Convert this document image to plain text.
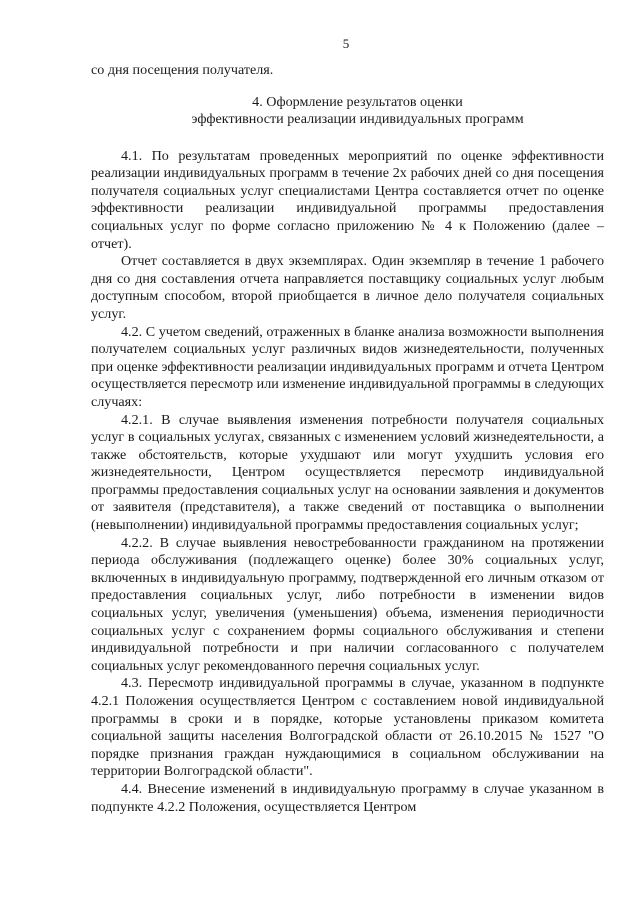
5

со дня посещения получателя.

4. Оформление результатов оценки
эффективности реализации индивидуальных программ

4.1. По результатам проведенных мероприятий по оценке эффективности реализации индивидуальных программ в течение 2х рабочих дней со дня посещения получателя социальных услуг специалистами Центра составляется отчет по оценке эффективности реализации индивидуальной программы предоставления социальных услуг по форме согласно приложению № 4 к Положению (далее – отчет).

Отчет составляется в двух экземплярах. Один экземпляр в течение 1 рабочего дня со дня составления отчета направляется поставщику социальных услуг любым доступным способом, второй приобщается в личное дело получателя социальных услуг.

4.2. С учетом сведений, отраженных в бланке анализа возможности выполнения получателем социальных услуг различных видов жизнедеятельности, полученных при оценке эффективности реализации индивидуальных программ и отчета Центром осуществляется пересмотр или изменение индивидуальной программы в следующих случаях:

4.2.1. В случае выявления изменения потребности получателя социальных услуг в социальных услугах, связанных с изменением условий жизнедеятельности, а также обстоятельств, которые ухудшают или могут ухудшить условия его жизнедеятельности, Центром осуществляется пересмотр индивидуальной программы предоставления социальных услуг на основании заявления и документов от заявителя (представителя), а также сведений от поставщика о выполнении (невыполнении) индивидуальной программы предоставления социальных услуг;

4.2.2. В случае выявления невостребованности гражданином на протяжении периода обслуживания (подлежащего оценке) более 30% социальных услуг, включенных в индивидуальную программу, подтвержденной его личным отказом от предоставления социальных услуг, либо потребности в изменении видов социальных услуг, увеличения (уменьшения) объема, изменения периодичности социальных услуг с сохранением формы социального обслуживания и степени индивидуальной потребности и при наличии согласованного с получателем социальных услуг рекомендованного перечня социальных услуг.

4.3. Пересмотр индивидуальной программы в случае, указанном в подпункте 4.2.1 Положения осуществляется Центром с составлением новой индивидуальной программы в сроки и в порядке, которые установлены приказом комитета социальной защиты населения Волгоградской области от 26.10.2015 № 1527 "О порядке признания граждан нуждающимися в социальном обслуживании на территории Волгоградской области".

4.4. Внесение изменений в индивидуальную программу в случае указанном в подпункте 4.2.2 Положения, осуществляется Центром
